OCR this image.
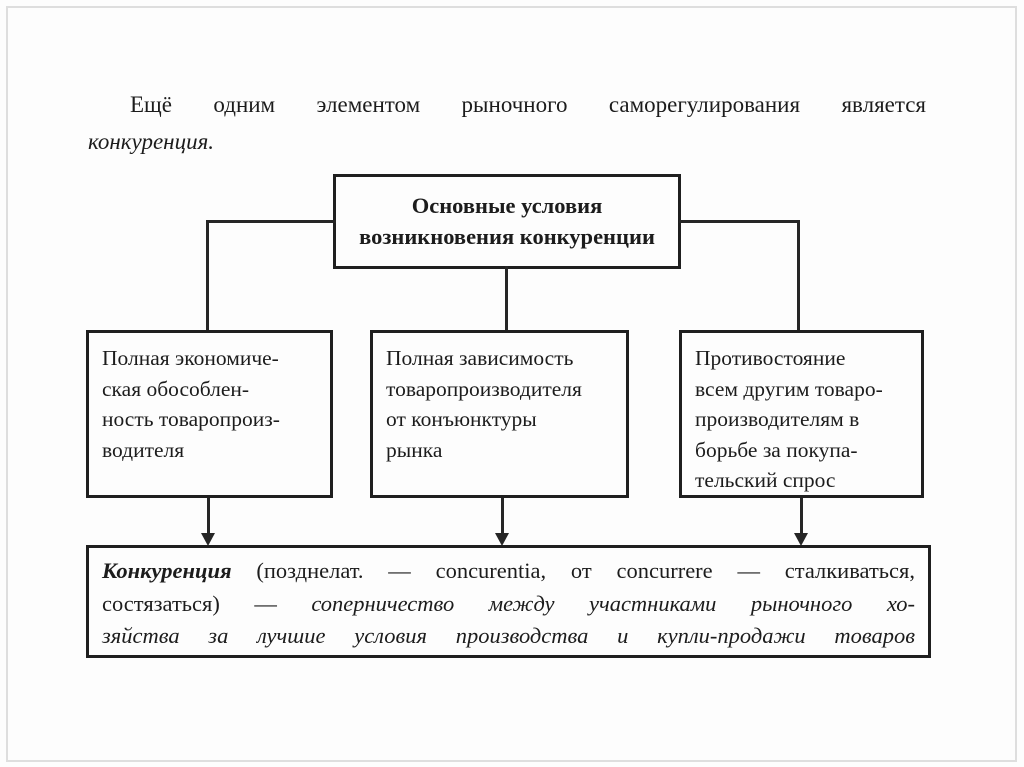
Ещё одним элементом рыночного саморегулирования является
конкуренция.
Основные условия
возникновения конкуренции
Полная экономиче-
ская обособлен-
ность товаропроиз-
водителя
Полная зависимость
товаропроизводителя
от конъюнктуры
рынка
Противостояние
всем другим товаро-
производителям в
борьбе за покупа-
тельский спрос
Конкуренция (позднелат. — concurentia, от concurrere — сталкиваться,
состязаться) — соперничество между участниками рыночного хо-
зяйства за лучшие условия производства и купли-продажи товаров
